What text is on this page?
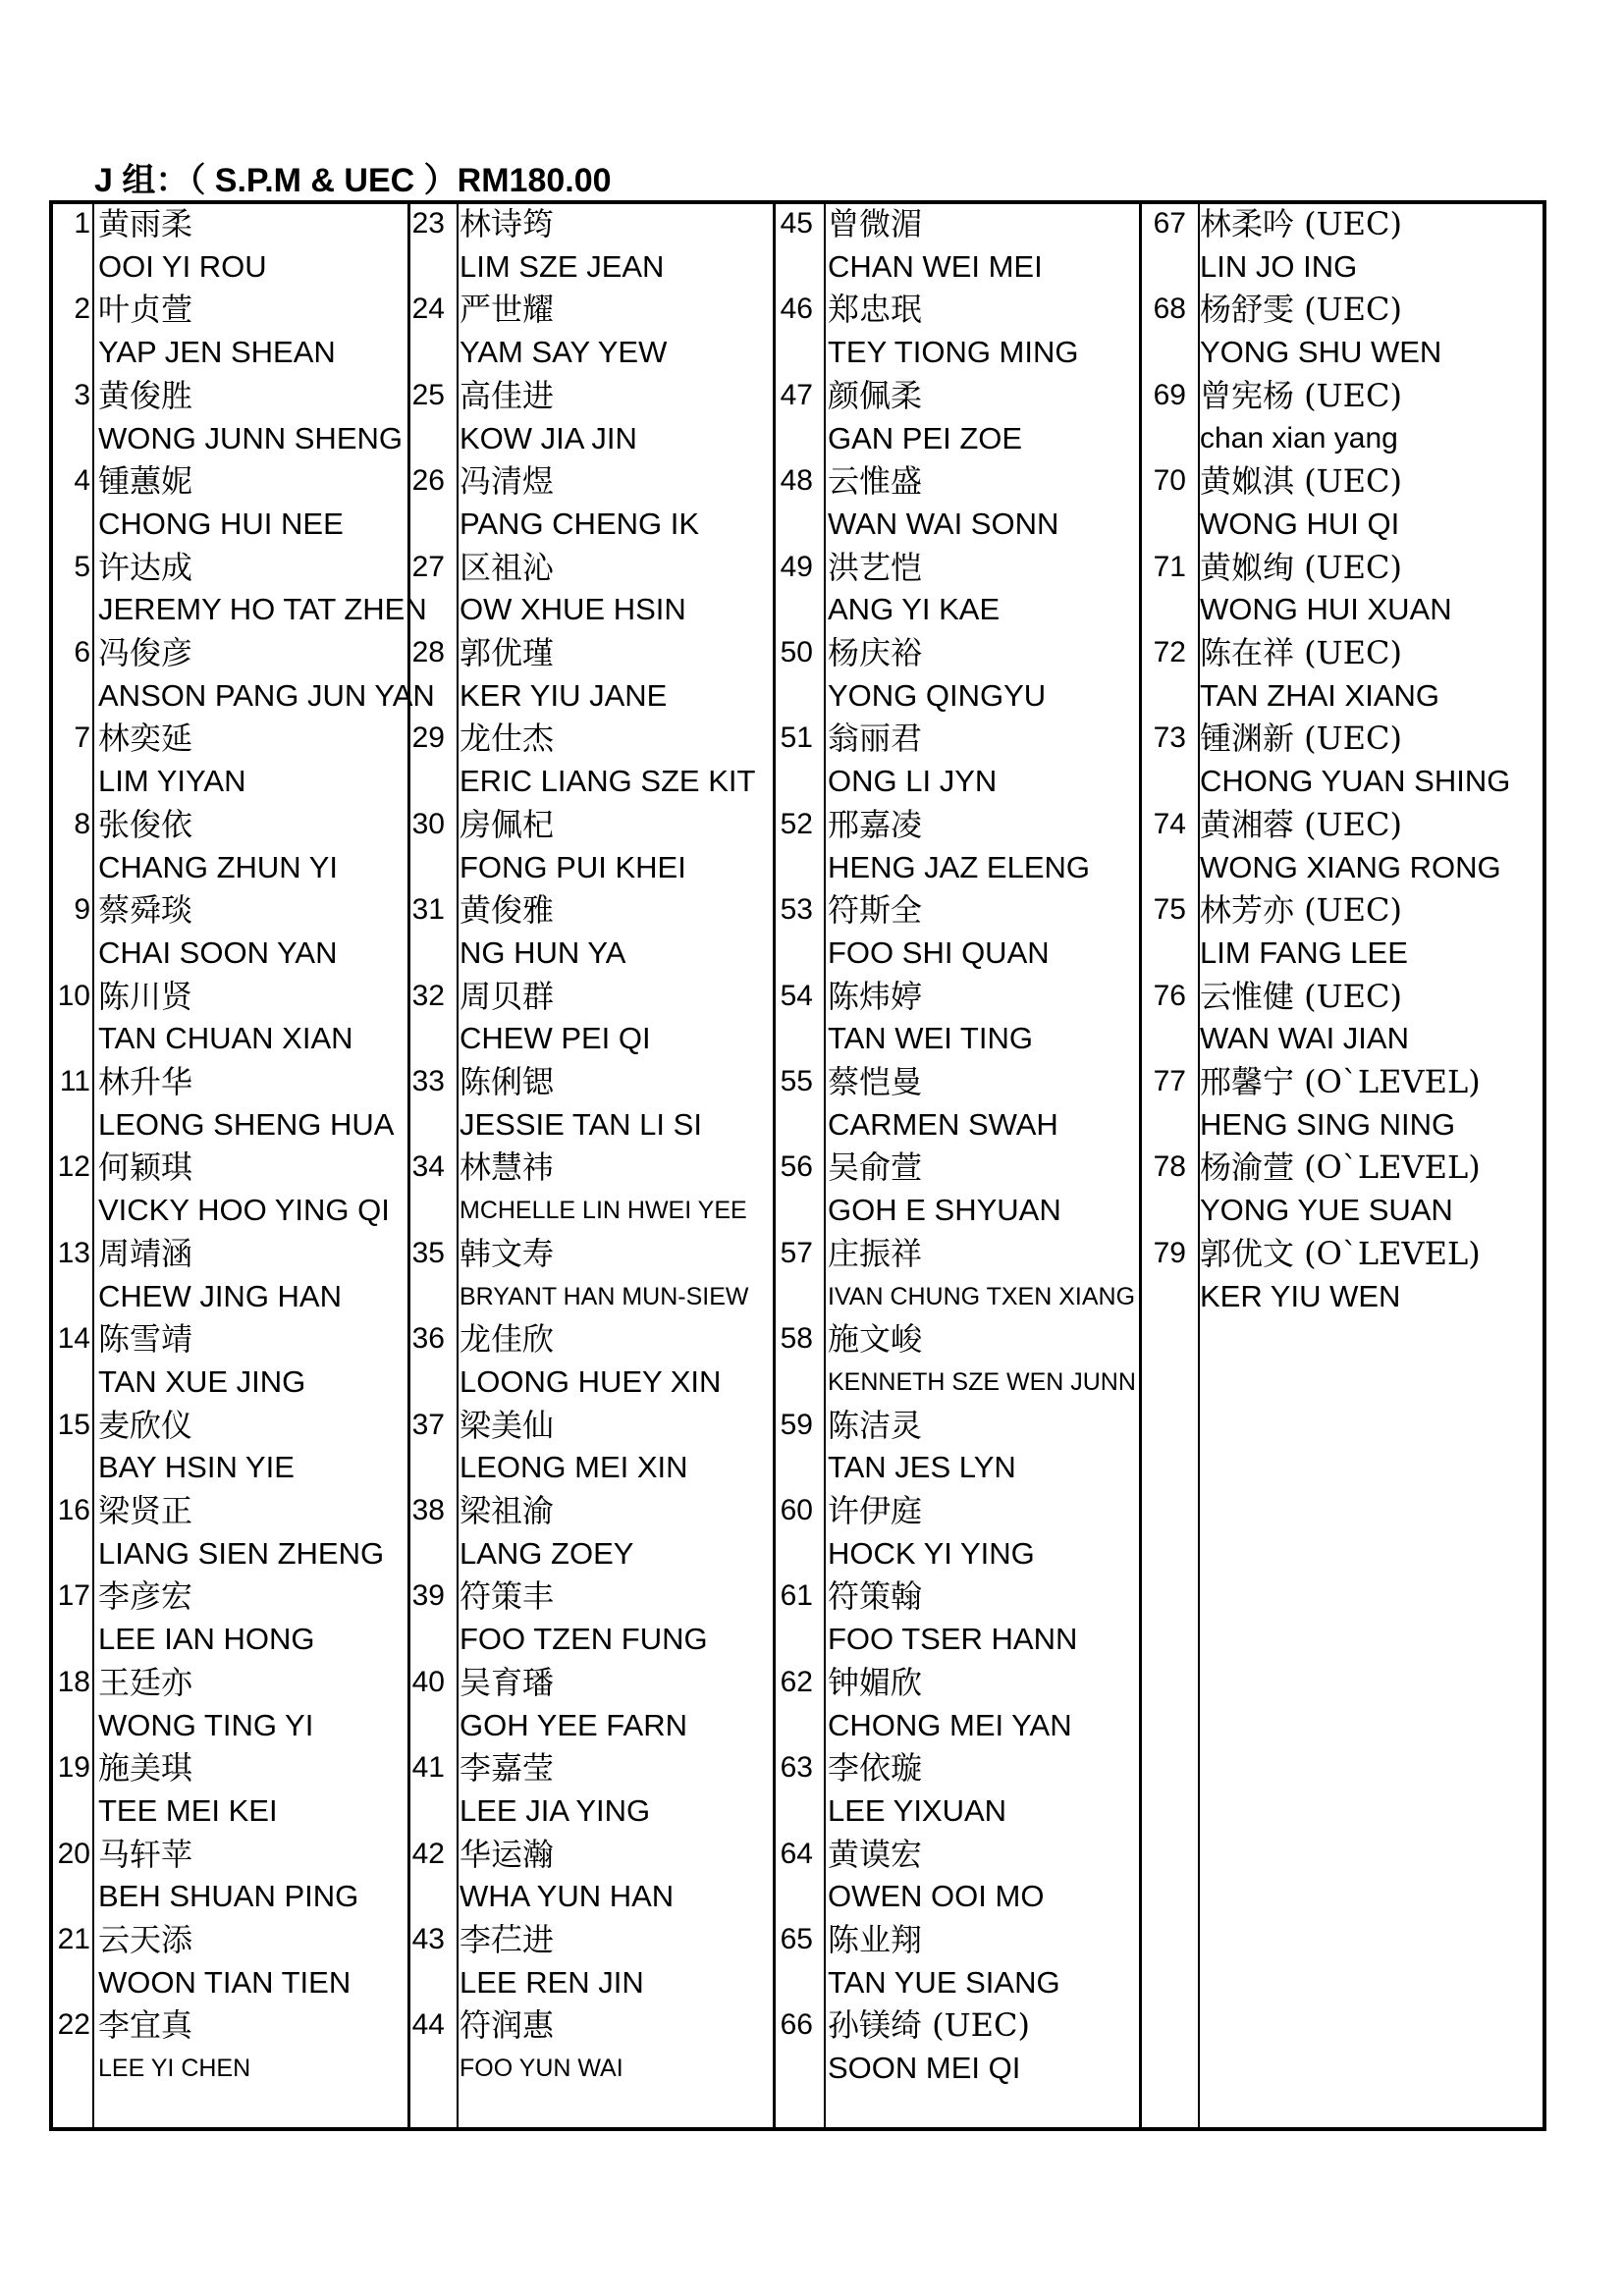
J 组：（ S.P.M & UEC ）RM180.00
1 黄雨柔
OOI YI ROU
2 叶贞萱
YAP JEN SHEAN
3 黄俊胜
WONG JUNN SHENG
4 锺蕙妮
CHONG HUI NEE
5 许达成
JEREMY HO TAT ZHEN
6 冯俊彦
ANSON PANG JUN YAN
7 林奕延
LIM YIYAN
8 张俊依
CHANG ZHUN YI
9 蔡舜琰
CHAI SOON YAN
10 陈川贤
TAN CHUAN XIAN
11 林升华
LEONG SHENG HUA
12 何颖琪
VICKY HOO YING QI
13 周靖涵
CHEW JING HAN
14 陈雪靖
TAN XUE JING
15 麦欣仪
BAY HSIN YIE
16 梁贤正
LIANG SIEN ZHENG
17 李彦宏
LEE IAN HONG
18 王廷亦
WONG TING YI
19 施美琪
TEE MEI KEI
20 马轩苹
BEH SHUAN PING
21 云天添
WOON TIAN TIEN
22 李宜真
LEE YI CHEN
23 林诗筠
LIM SZE JEAN
24 严世耀
YAM SAY YEW
25 高佳进
KOW JIA JIN
26 冯清煜
PANG CHENG IK
27 区祖沁
OW XHUE HSIN
28 郭优瑾
KER YIU JANE
29 龙仕杰
ERIC LIANG SZE KIT
30 房佩杞
FONG PUI KHEI
31 黄俊雅
NG HUN YA
32 周贝群
CHEW PEI QI
33 陈俐锶
JESSIE TAN LI SI
34 林慧祎
MCHELLE LIN HWEI YEE
35 韩文寿
BRYANT HAN MUN-SIEW
36 龙佳欣
LOONG HUEY XIN
37 梁美仙
LEONG MEI XIN
38 梁祖渝
LANG ZOEY
39 符策丰
FOO TZEN FUNG
40 吴育璠
GOH YEE FARN
41 李嘉莹
LEE JIA YING
42 华运瀚
WHA YUN HAN
43 李芢进
LEE REN JIN
44 符润惠
FOO YUN WAI
45 曾微湄
CHAN WEI MEI
46 郑忠珉
TEY TIONG MING
47 颜佩柔
GAN PEI ZOE
48 云惟盛
WAN WAI SONN
49 洪艺恺
ANG YI KAE
50 杨庆裕
YONG QINGYU
51 翁丽君
ONG LI JYN
52 邢嘉凌
HENG JAZ ELENG
53 符斯全
FOO SHI QUAN
54 陈炜婷
TAN WEI TING
55 蔡恺曼
CARMEN SWAH
56 吴俞萱
GOH E SHYUAN
57 庄振祥
IVAN CHUNG TXEN XIANG
58 施文峻
KENNETH SZE WEN JUNN
59 陈洁灵
TAN JES LYN
60 许伊庭
HOCK YI YING
61 符策翰
FOO TSER HANN
62 钟媚欣
CHONG MEI YAN
63 李依璇
LEE YIXUAN
64 黄谟宏
OWEN OOI MO
65 陈业翔
TAN YUE SIANG
66 孙镁绮 (UEC)
SOON MEI QI
67 林柔吟 (UEC)
LIN JO ING
68 杨舒雯 (UEC)
YONG SHU WEN
69 曾宪杨 (UEC)
chan xian yang
70 黄娰淇 (UEC)
WONG HUI QI
71 黄娰绚 (UEC)
WONG HUI XUAN
72 陈在祥 (UEC)
TAN ZHAI XIANG
73 锺渊新 (UEC)
CHONG YUAN SHING
74 黄湘蓉 (UEC)
WONG XIANG RONG
75 林芳亦 (UEC)
LIM FANG LEE
76 云惟健 (UEC)
WAN WAI JIAN
77 邢馨宁 (O`LEVEL)
HENG SING NING
78 杨渝萱 (O`LEVEL)
YONG YUE SUAN
79 郭优文 (O`LEVEL)
KER YIU WEN
